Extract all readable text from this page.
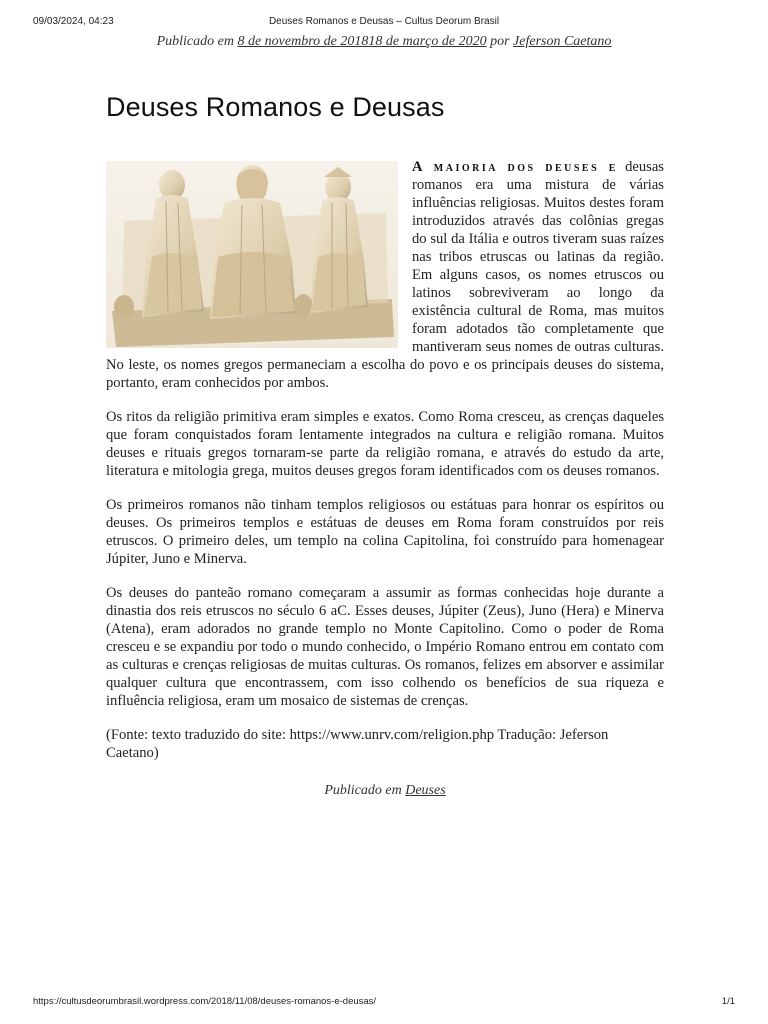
09/03/2024, 04:23	Deuses Romanos e Deusas – Cultus Deorum Brasil
Publicado em 8 de novembro de 201818 de março de 2020 por Jeferson Caetano
Deuses Romanos e Deusas

A maioria dos deuses e deusas romanos era uma mistura de várias influências religiosas. Muitos destes foram introduzidos através das colônias gregas do sul da Itália e outros tiveram suas raízes nas tribos etruscas ou latinas da região. Em alguns casos, os nomes etruscos ou latinos sobreviveram ao longo da existência cultural de Roma, mas muitos foram adotados tão completamente que mantiveram seus nomes de outras culturas. No leste, os nomes gregos permaneciam a escolha do povo e os principais deuses do sistema, portanto, eram conhecidos por ambos.

Os ritos da religião primitiva eram simples e exatos. Como Roma cresceu, as crenças daqueles que foram conquistados foram lentamente integrados na cultura e religião romana. Muitos deuses e rituais gregos tornaram-se parte da religião romana, e através do estudo da arte, literatura e mitologia grega, muitos deuses gregos foram identificados com os deuses romanos.

Os primeiros romanos não tinham templos religiosos ou estátuas para honrar os espíritos ou deuses. Os primeiros templos e estátuas de deuses em Roma foram construídos por reis etruscos. O primeiro deles, um templo na colina Capitolina, foi construído para homenagear Júpiter, Juno e Minerva.

Os deuses do panteão romano começaram a assumir as formas conhecidas hoje durante a dinastia dos reis etruscos no século 6 aC. Esses deuses, Júpiter (Zeus), Juno (Hera) e Minerva (Atena), eram adorados no grande templo no Monte Capitolino. Como o poder de Roma cresceu e se expandiu por todo o mundo conhecido, o Império Romano entrou em contato com as culturas e crenças religiosas de muitas culturas. Os romanos, felizes em absorver e assimilar qualquer cultura que encontrassem, com isso colhendo os benefícios de sua riqueza e influência religiosa, eram um mosaico de sistemas de crenças.

(Fonte: texto traduzido do site: https://www.unrv.com/religion.php Tradução: Jeferson Caetano)

Publicado em Deuses
https://cultusdeorumbrasil.wordpress.com/2018/11/08/deuses-romanos-e-deusas/	1/1
